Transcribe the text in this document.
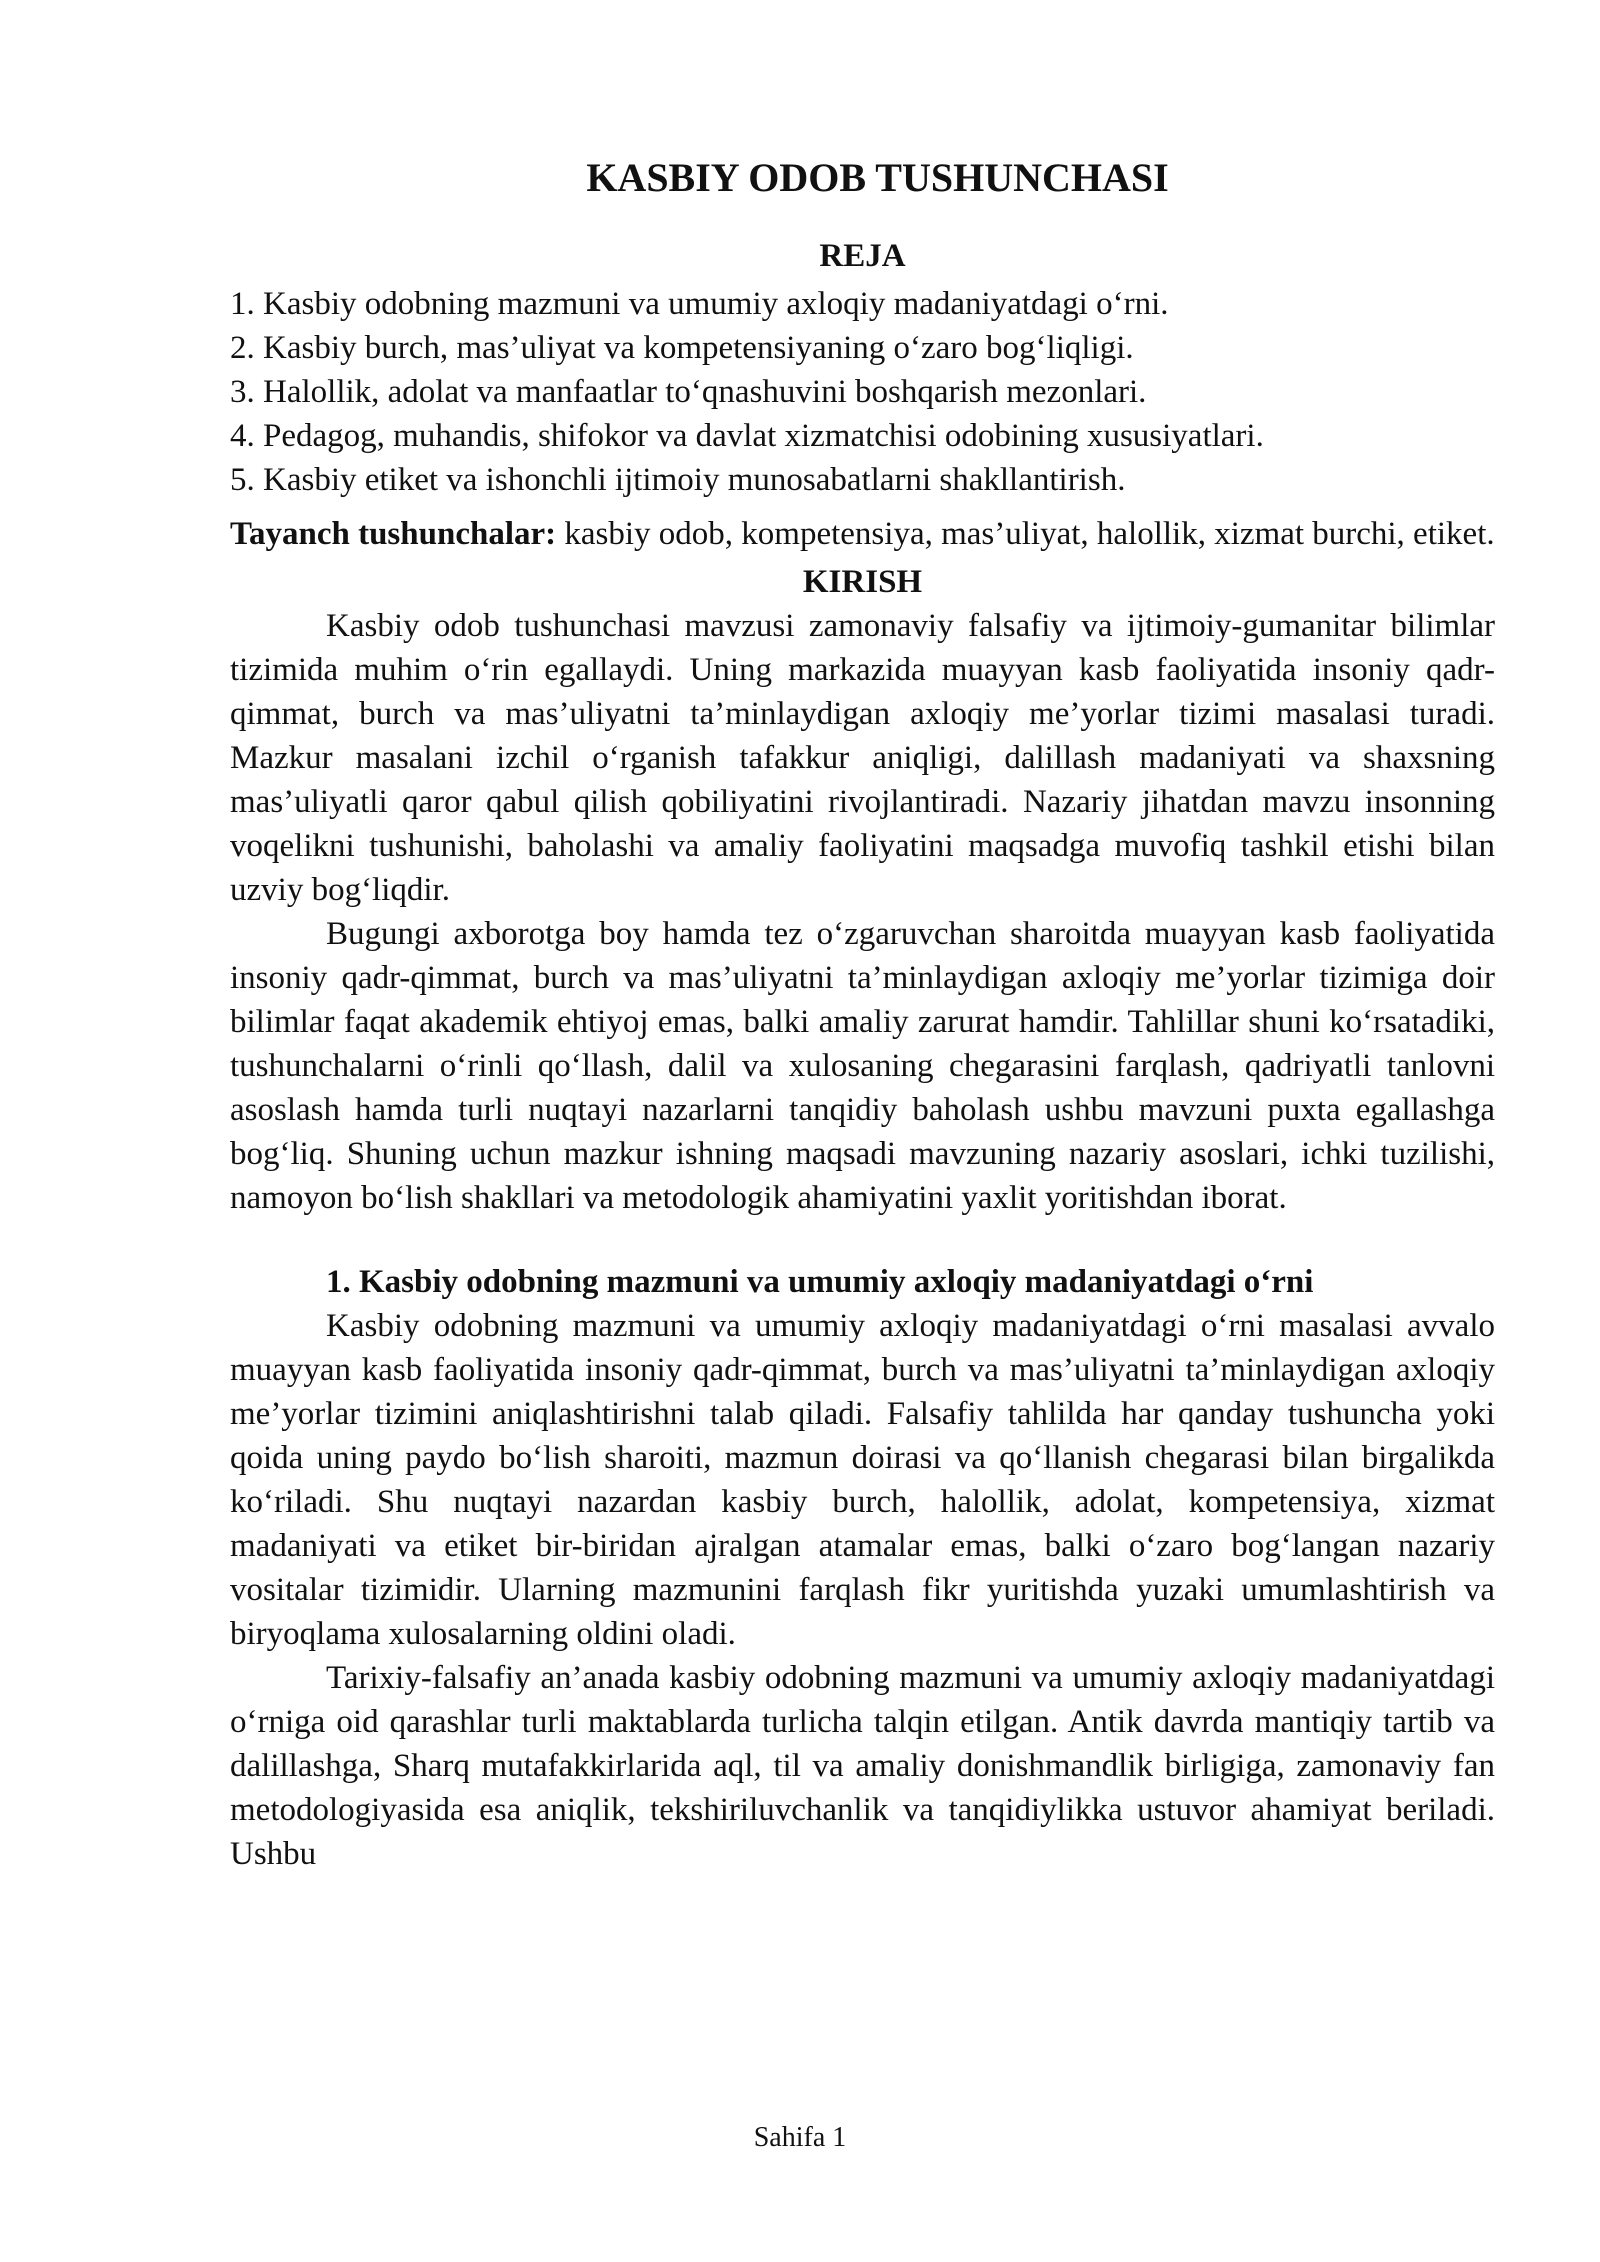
KASBIY ODOB TUSHUNCHASI
REJA
1. Kasbiy odobning mazmuni va umumiy axloqiy madaniyatdagi o‘rni.
2. Kasbiy burch, mas’uliyat va kompetensiyaning o‘zaro bog‘liqligi.
3. Halollik, adolat va manfaatlar to‘qnashuvini boshqarish mezonlari.
4. Pedagog, muhandis, shifokor va davlat xizmatchisi odobining xususiyatlari.
5. Kasbiy etiket va ishonchli ijtimoiy munosabatlarni shakllantirish.

Tayanch tushunchalar: kasbiy odob, kompetensiya, mas’uliyat, halollik, xizmat burchi, etiket.

KIRISH

Kasbiy odob tushunchasi mavzusi zamonaviy falsafiy va ijtimoiy-gumanitar bilimlar tizimida muhim o‘rin egallaydi. Uning markazida muayyan kasb faoliyatida insoniy qadr-qimmat, burch va mas’uliyatni ta’minlaydigan axloqiy me’yorlar tizimi masalasi turadi. Mazkur masalani izchil o‘rganish tafakkur aniqligi, dalillash madaniyati va shaxsning mas’uliyatli qaror qabul qilish qobiliyatini rivojlantiradi. Nazariy jihatdan mavzu insonning voqelikni tushunishi, baholashi va amaliy faoliyatini maqsadga muvofiq tashkil etishi bilan uzviy bog‘liqdir.

Bugungi axborotga boy hamda tez o‘zgaruvchan sharoitda muayyan kasb faoliyatida insoniy qadr-qimmat, burch va mas’uliyatni ta’minlaydigan axloqiy me’yorlar tizimiga doir bilimlar faqat akademik ehtiyoj emas, balki amaliy zarurat hamdir. Tahlillar shuni ko‘rsatadiki, tushunchalarni o‘rinli qo‘llash, dalil va xulosaning chegarasini farqlash, qadriyatli tanlovni asoslash hamda turli nuqtayi nazarlarni tanqidiy baholash ushbu mavzuni puxta egallashga bog‘liq. Shuning uchun mazkur ishning maqsadi mavzuning nazariy asoslari, ichki tuzilishi, namoyon bo‘lish shakllari va metodologik ahamiyatini yaxlit yoritishdan iborat.

1. Kasbiy odobning mazmuni va umumiy axloqiy madaniyatdagi o‘rni

Kasbiy odobning mazmuni va umumiy axloqiy madaniyatdagi o‘rni masalasi avvalo muayyan kasb faoliyatida insoniy qadr-qimmat, burch va mas’uliyatni ta’minlaydigan axloqiy me’yorlar tizimini aniqlashtirishni talab qiladi. Falsafiy tahlilda har qanday tushuncha yoki qoida uning paydo bo‘lish sharoiti, mazmun doirasi va qo‘llanish chegarasi bilan birgalikda ko‘riladi. Shu nuqtayi nazardan kasbiy burch, halollik, adolat, kompetensiya, xizmat madaniyati va etiket bir-biridan ajralgan atamalar emas, balki o‘zaro bog‘langan nazariy vositalar tizimidir. Ularning mazmunini farqlash fikr yuritishda yuzaki umumlashtirish va biryoqlama xulosalarning oldini oladi.

Tarixiy-falsafiy an’anada kasbiy odobning mazmuni va umumiy axloqiy madaniyatdagi o‘rniga oid qarashlar turli maktablarda turlicha talqin etilgan. Antik davrda mantiqiy tartib va dalillashga, Sharq mutafakkirlarida aql, til va amaliy donishmandlik birligiga, zamonaviy fan metodologiyasida esa aniqlik, tekshiriluvchanlik va tanqidiylikka ustuvor ahamiyat beriladi. Ushbu

Sahifa 1
